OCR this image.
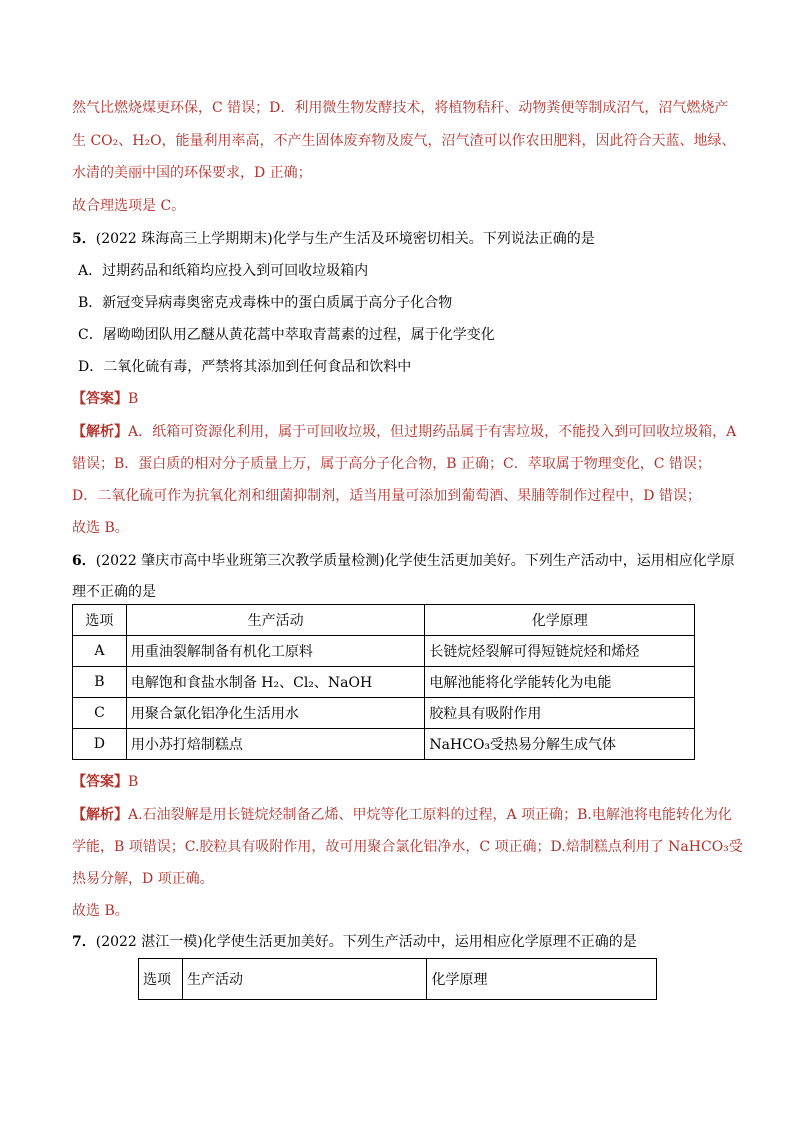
然气比燃烧煤更环保，C 错误；D．利用微生物发酵技术，将植物秸秆、动物粪便等制成沼气，沼气燃烧产
生 CO₂、H₂O，能量利用率高，不产生固体废弃物及废气，沼气渣可以作农田肥料，因此符合天蓝、地绿、
水清的美丽中国的环保要求，D 正确；
故合理选项是 C。
5．(2022 珠海高三上学期期末)化学与生产生活及环境密切相关。下列说法正确的是
A．过期药品和纸箱均应投入到可回收垃圾箱内
B．新冠变异病毒奥密克戎毒株中的蛋白质属于高分子化合物
C．屠呦呦团队用乙醚从黄花蒿中萃取青蒿素的过程，属于化学变化
D．二氧化硫有毒，严禁将其添加到任何食品和饮料中
【答案】B
【解析】A．纸箱可资源化利用，属于可回收垃圾，但过期药品属于有害垃圾，不能投入到可回收垃圾箱，A
错误；B．蛋白质的相对分子质量上万，属于高分子化合物，B 正确；C．萃取属于物理变化，C 错误；
D．二氧化硫可作为抗氧化剂和细菌抑制剂，适当用量可添加到葡萄酒、果脯等制作过程中，D 错误；
故选 B。
6．(2022 肇庆市高中毕业班第三次教学质量检测)化学使生活更加美好。下列生产活动中，运用相应化学原
理不正确的是
选项	生产活动	化学原理
A	用重油裂解制备有机化工原料	长链烷烃裂解可得短链烷烃和烯烃
B	电解饱和食盐水制备 H₂、Cl₂、NaOH	电解池能将化学能转化为电能
C	用聚合氯化铝净化生活用水	胶粒具有吸附作用
D	用小苏打焙制糕点	NaHCO₃受热易分解生成气体
【答案】B
【解析】A.石油裂解是用长链烷烃制备乙烯、甲烷等化工原料的过程，A 项正确；B.电解池将电能转化为化
学能，B 项错误；C.胶粒具有吸附作用，故可用聚合氯化铝净水，C 项正确；D.焙制糕点利用了 NaHCO₃受
热易分解，D 项正确。
故选 B。
7．(2022 湛江一模)化学使生活更加美好。下列生产活动中，运用相应化学原理不正确的是
选项	生产活动	化学原理
